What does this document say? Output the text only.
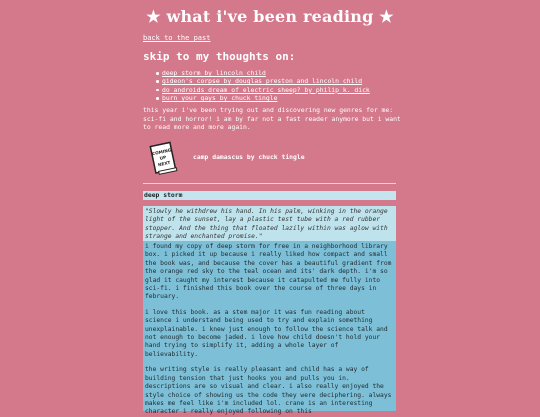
★ what i've been reading ★
back to the past
skip to my thoughts on:
deep storm by lincoln child
gideon's corpse by douglas preston and lincoln child
do androids dream of electric sheep? by philip k. dick
burn your gays by chuck tingle
this year i've been trying out and discovering new genres for me: sci-fi and horror! i am by far not a fast reader anymore but i want to read more and more again.
COMING
UP
NEXT
camp damascus by chuck tingle
deep storm
"Slowly he withdrew his hand. In his palm, winking in the orange light of the sunset, lay a plastic test tube with a red rubber stopper. And the thing that floated lazily within was aglow with strange and enchanted promise."

i found my copy of deep storm for free in a neighborhood library box. i picked it up because i really liked how compact and small the book was, and because the cover has a beautiful gradient from the orange red sky to the teal ocean and its' dark depth. i'm so glad it caught my interest because it catapulted me fully into sci-fi. i finished this book over the course of three days in february.

i love this book. as a stem major it was fun reading about science i understand being used to try and explain something unexplainable. i knew just enough to follow the science talk and not enough to become jaded. i love how child doesn't hold your hand trying to simplify it, adding a whole layer of believability.

the writing style is really pleasant and child has a way of building tension that just hooks you and pulls you in. descriptions are so visual and clear. i also really enjoyed the style choice of showing us the code they were deciphering. always makes me feel like i'm included lol. crane is an interesting character i really enjoyed following on this
